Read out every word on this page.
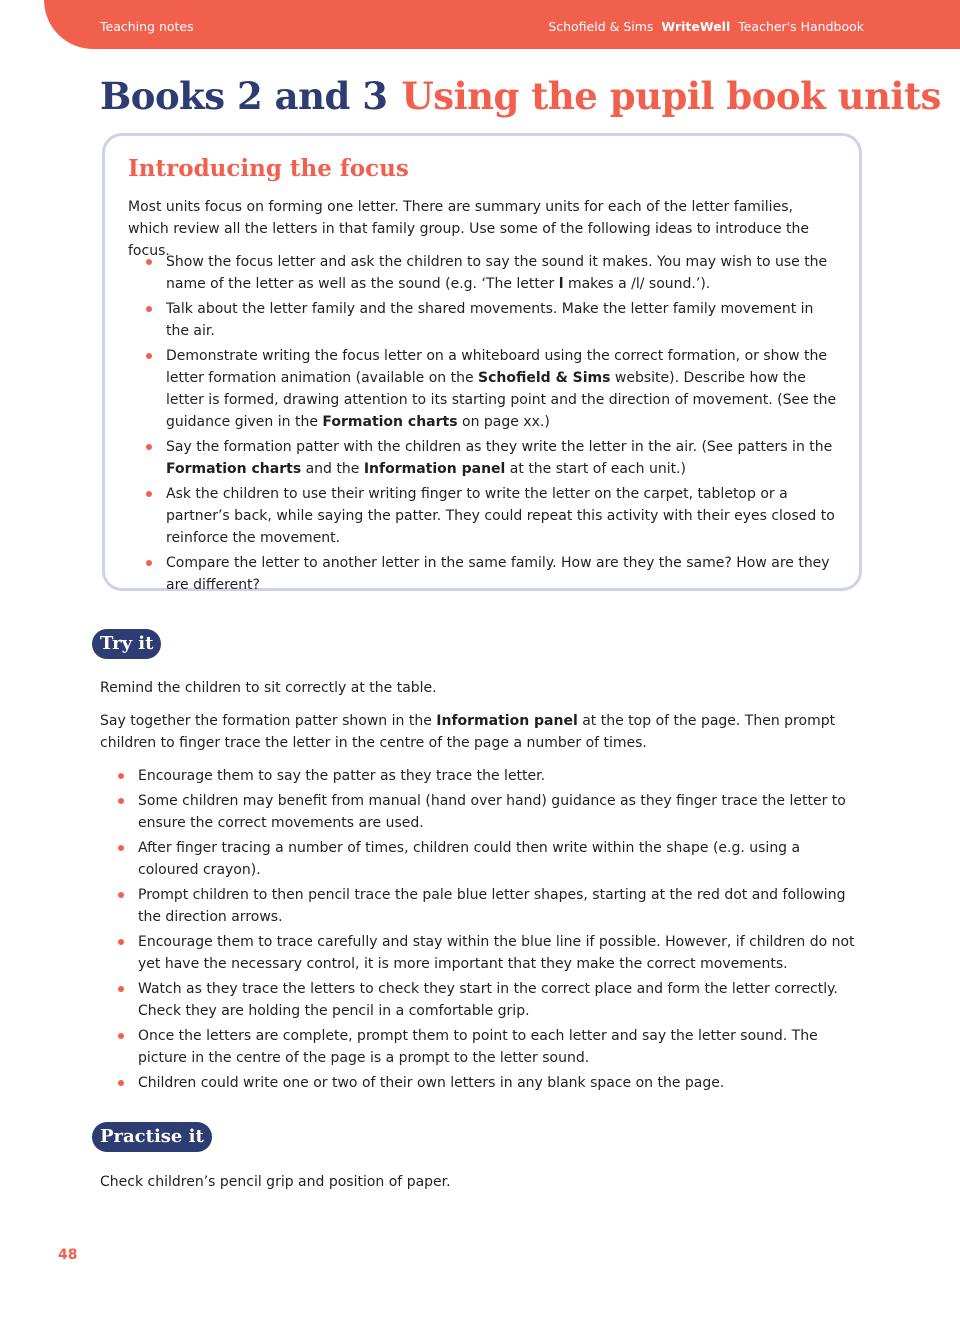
Teaching notes	Schofield & Sims WriteWell Teacher's Handbook
Books 2 and 3 Using the pupil book units
Introducing the focus

Most units focus on forming one letter. There are summary units for each of the letter families, which review all the letters in that family group. Use some of the following ideas to introduce the focus.

Show the focus letter and ask the children to say the sound it makes. You may wish to use the name of the letter as well as the sound (e.g. ‘The letter l makes a /l/ sound.’).
Talk about the letter family and the shared movements. Make the letter family movement in the air.
Demonstrate writing the focus letter on a whiteboard using the correct formation, or show the letter formation animation (available on the Schofield & Sims website). Describe how the letter is formed, drawing attention to its starting point and the direction of movement. (See the guidance given in the Formation charts on page xx.)
Say the formation patter with the children as they write the letter in the air. (See patters in the Formation charts and the Information panel at the start of each unit.)
Ask the children to use their writing finger to write the letter on the carpet, tabletop or a partner’s back, while saying the patter. They could repeat this activity with their eyes closed to reinforce the movement.
Compare the letter to another letter in the same family. How are they the same? How are they are different?
Try it

Remind the children to sit correctly at the table.

Say together the formation patter shown in the Information panel at the top of the page. Then prompt children to finger trace the letter in the centre of the page a number of times.

Encourage them to say the patter as they trace the letter.
Some children may benefit from manual (hand over hand) guidance as they finger trace the letter to ensure the correct movements are used.
After finger tracing a number of times, children could then write within the shape (e.g. using a coloured crayon).
Prompt children to then pencil trace the pale blue letter shapes, starting at the red dot and following the direction arrows.
Encourage them to trace carefully and stay within the blue line if possible. However, if children do not yet have the necessary control, it is more important that they make the correct movements.
Watch as they trace the letters to check they start in the correct place and form the letter correctly. Check they are holding the pencil in a comfortable grip.
Once the letters are complete, prompt them to point to each letter and say the letter sound. The picture in the centre of the page is a prompt to the letter sound.
Children could write one or two of their own letters in any blank space on the page.
Practise it

Check children’s pencil grip and position of paper.

48
